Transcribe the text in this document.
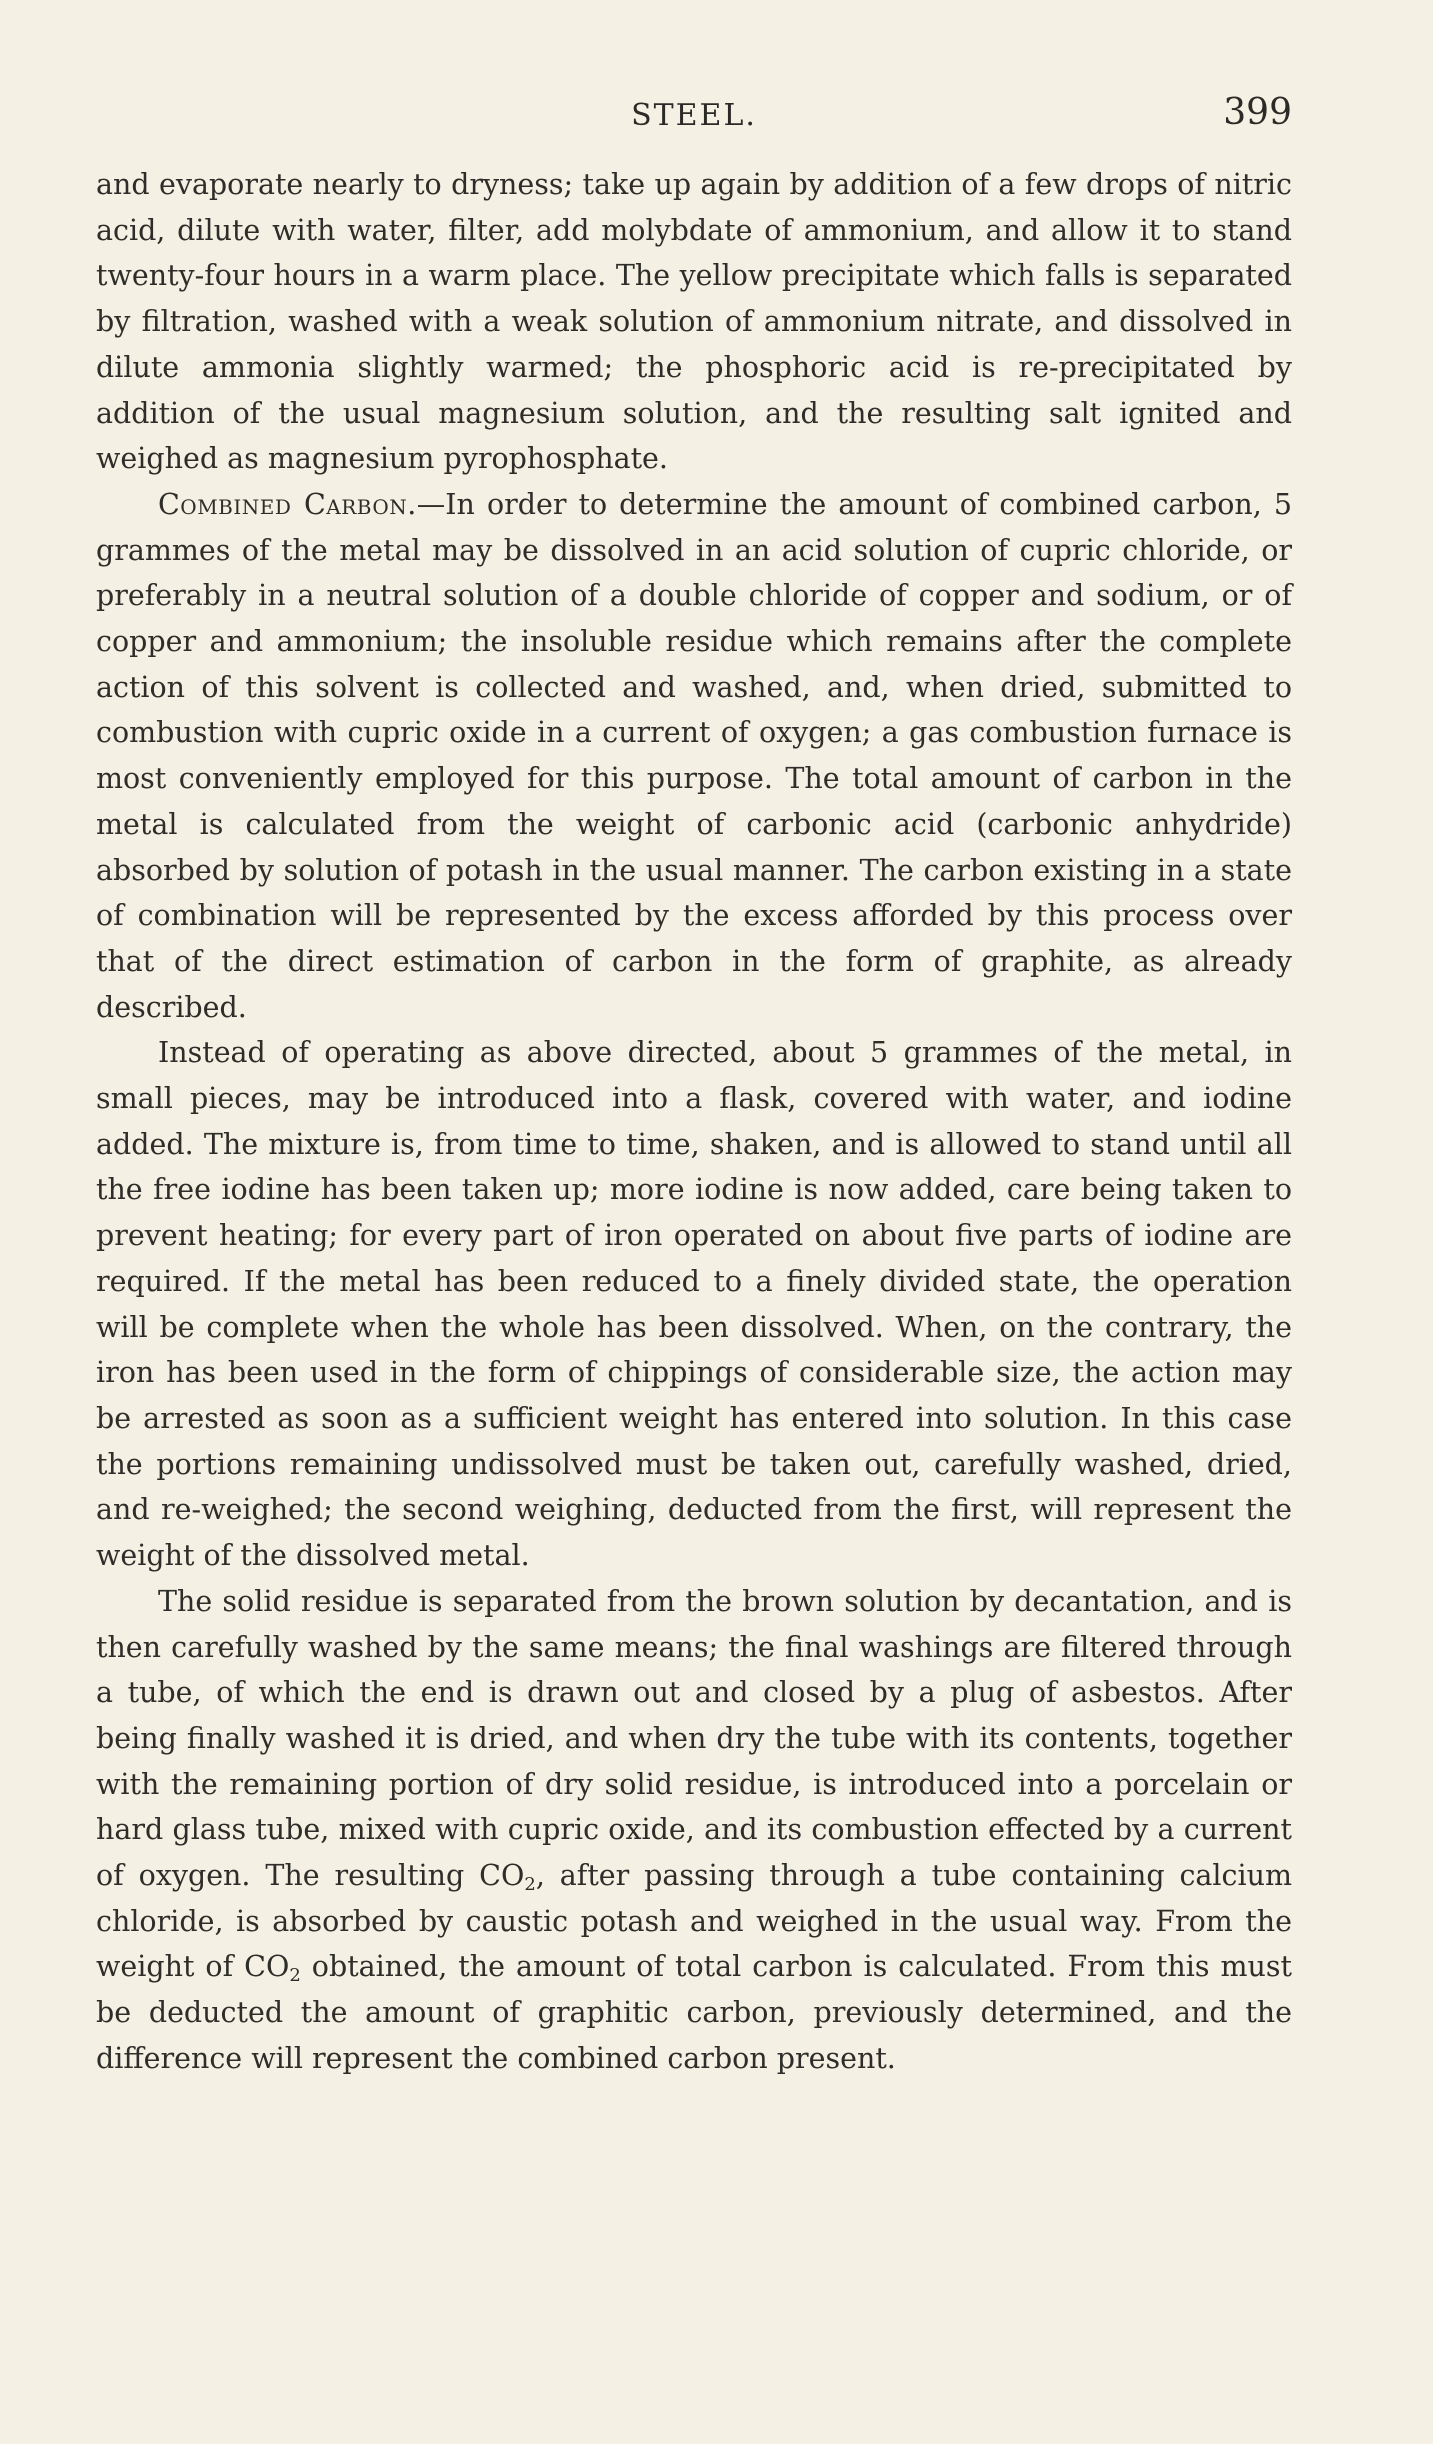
STEEL.	399

and evaporate nearly to dryness; take up again by addition of a few drops of nitric acid, dilute with water, filter, add molybdate of ammonium, and allow it to stand twenty-four hours in a warm place. The yellow precipitate which falls is separated by filtration, washed with a weak solution of ammonium nitrate, and dissolved in dilute ammonia slightly warmed; the phosphoric acid is re-precipitated by addition of the usual magnesium solution, and the resulting salt ignited and weighed as magnesium pyrophosphate.

Combined Carbon.—In order to determine the amount of combined carbon, 5 grammes of the metal may be dissolved in an acid solution of cupric chloride, or preferably in a neutral solution of a double chloride of copper and sodium, or of copper and ammonium; the insoluble residue which remains after the complete action of this solvent is collected and washed, and, when dried, submitted to combustion with cupric oxide in a current of oxygen; a gas combustion furnace is most conveniently employed for this purpose. The total amount of carbon in the metal is calculated from the weight of carbonic acid (carbonic anhydride) absorbed by solution of potash in the usual manner. The carbon existing in a state of combination will be represented by the excess afforded by this process over that of the direct estimation of carbon in the form of graphite, as already described.

Instead of operating as above directed, about 5 grammes of the metal, in small pieces, may be introduced into a flask, covered with water, and iodine added. The mixture is, from time to time, shaken, and is allowed to stand until all the free iodine has been taken up; more iodine is now added, care being taken to prevent heating; for every part of iron operated on about five parts of iodine are required. If the metal has been reduced to a finely divided state, the operation will be complete when the whole has been dissolved. When, on the contrary, the iron has been used in the form of chippings of considerable size, the action may be arrested as soon as a sufficient weight has entered into solution. In this case the portions remaining undissolved must be taken out, carefully washed, dried, and re-weighed; the second weighing, deducted from the first, will represent the weight of the dissolved metal.

The solid residue is separated from the brown solution by decantation, and is then carefully washed by the same means; the final washings are filtered through a tube, of which the end is drawn out and closed by a plug of asbestos. After being finally washed it is dried, and when dry the tube with its contents, together with the remaining portion of dry solid residue, is introduced into a porcelain or hard glass tube, mixed with cupric oxide, and its combustion effected by a current of oxygen. The resulting $CO_2$, after passing through a tube containing calcium chloride, is absorbed by caustic potash and weighed in the usual way. From the weight of $CO_2$ obtained, the amount of total carbon is calculated. From this must be deducted the amount of graphitic carbon, previously determined, and the difference will represent the combined carbon present.
